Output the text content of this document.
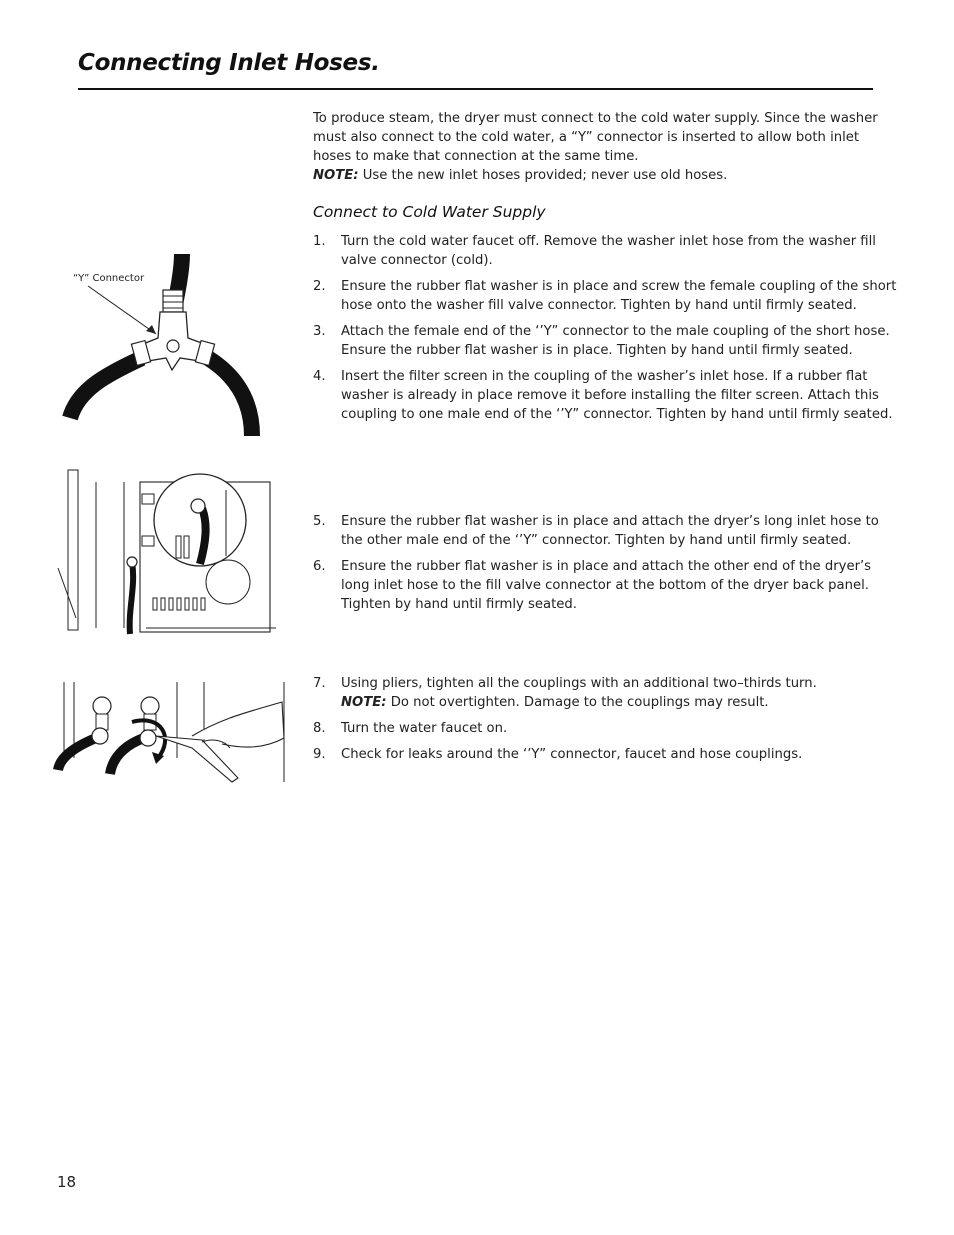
Connecting Inlet Hoses.

To produce steam, the dryer must connect to the cold water supply. Since the washer must also connect to the cold water, a “Y” connector is inserted to allow both inlet hoses to make that connection at the same time.

NOTE: Use the new inlet hoses provided; never use old hoses.

Connect to Cold Water Supply
“Y” Connector
1. Turn the cold water faucet off. Remove the washer inlet hose from the washer fill valve connector (cold).
2. Ensure the rubber flat washer is in place and screw the female coupling of the short hose onto the washer fill valve connector. Tighten by hand until firmly seated.
3. Attach the female end of the ‘’Y” connector to the male coupling of the short hose. Ensure the rubber flat washer is in place. Tighten by hand until firmly seated.
4. Insert the filter screen in the coupling of the washer’s inlet hose. If a rubber flat washer is already in place remove it before installing the filter screen. Attach this coupling to one male end of the ‘’Y” connector. Tighten by hand until firmly seated.
5. Ensure the rubber flat washer is in place and attach the dryer’s long inlet hose to the other male end of the ‘’Y” connector. Tighten by hand until firmly seated.
6. Ensure the rubber flat washer is in place and attach the other end of the dryer’s long inlet hose to the fill valve connector at the bottom of the dryer back panel. Tighten by hand until firmly seated.
7. Using pliers, tighten all the couplings with an additional two–thirds turn.
NOTE: Do not overtighten. Damage to the couplings may result.
8. Turn the water faucet on.
9. Check for leaks around the ‘’Y” connector, faucet and hose couplings.
18
